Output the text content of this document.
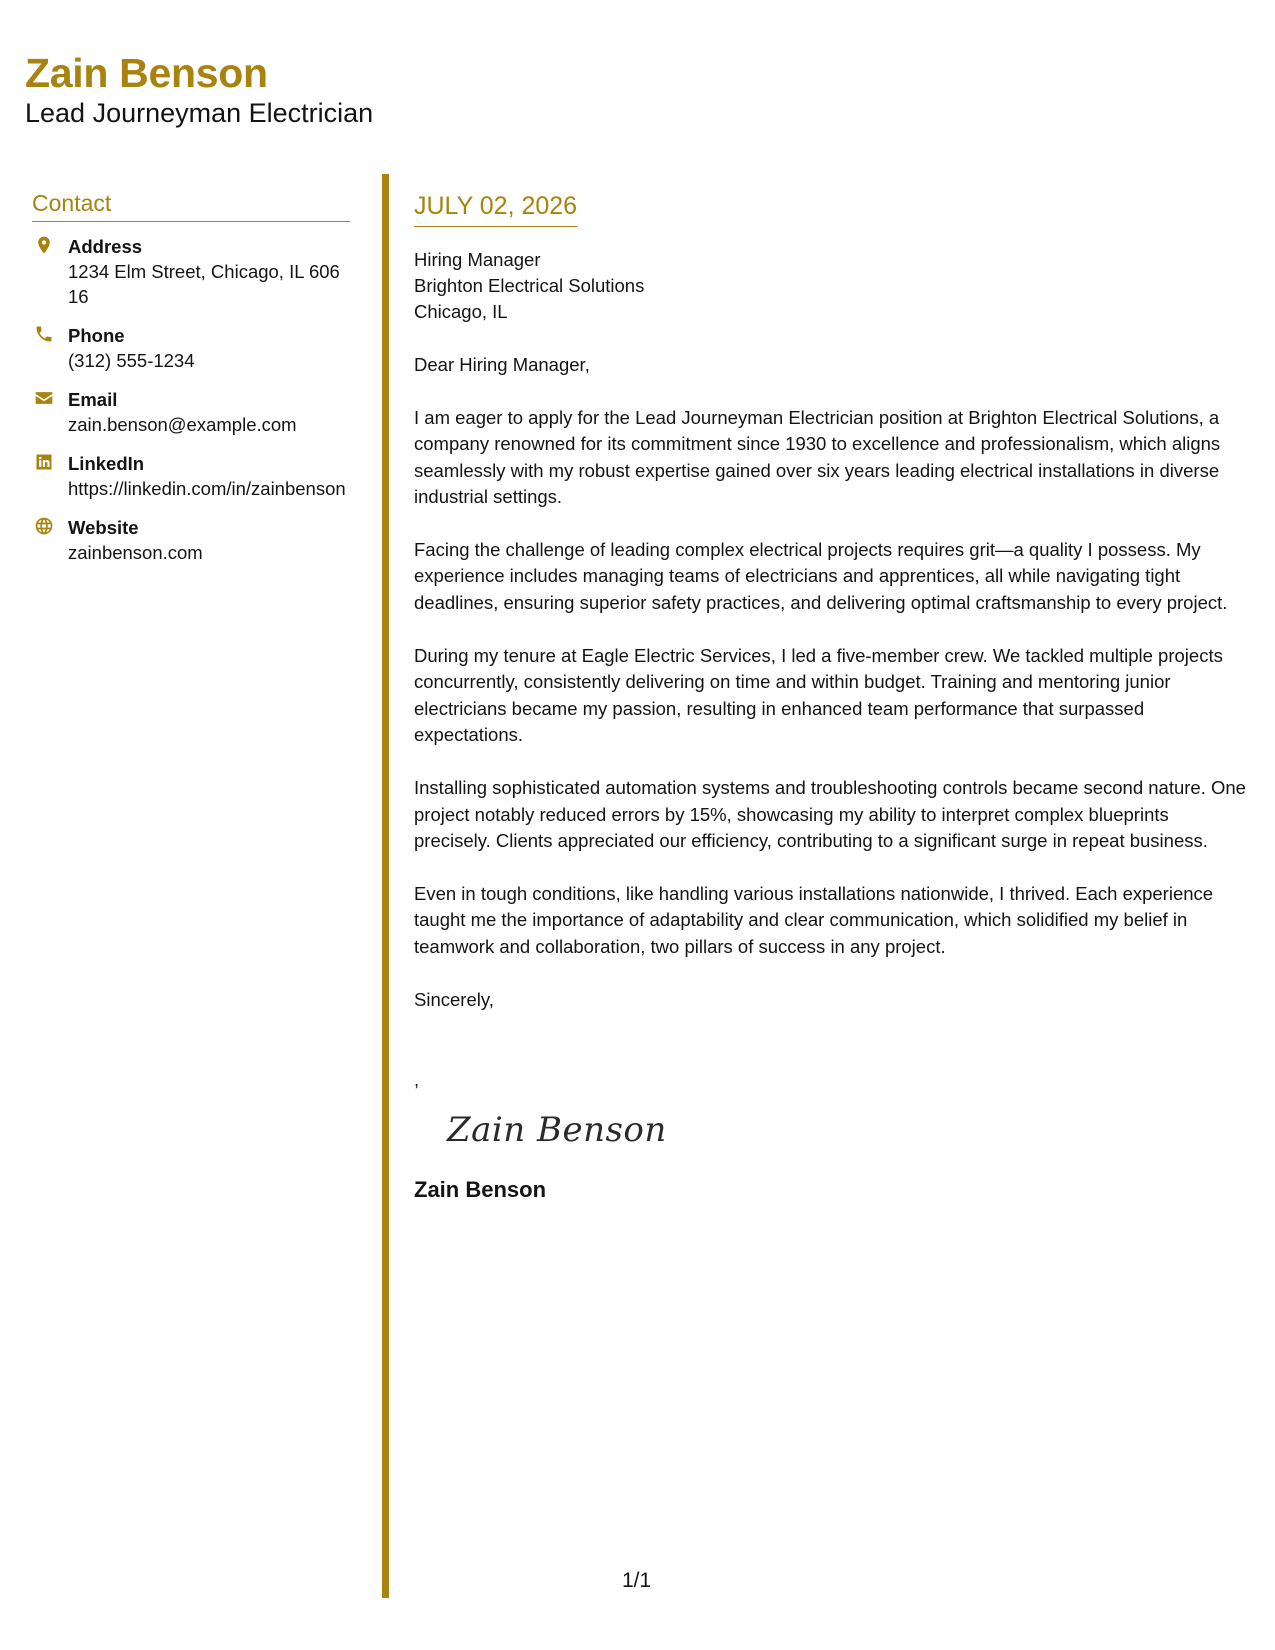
Zain Benson
Lead Journeyman Electrician
Contact
Address
1234 Elm Street, Chicago, IL 60616
Phone
(312) 555-1234
Email
zain.benson@example.com
LinkedIn
https://linkedin.com/in/zainbenson
Website
zainbenson.com
JULY 02, 2026
Hiring Manager
Brighton Electrical Solutions
Chicago, IL
Dear Hiring Manager,
I am eager to apply for the Lead Journeyman Electrician position at Brighton Electrical Solutions, a company renowned for its commitment since 1930 to excellence and professionalism, which aligns seamlessly with my robust expertise gained over six years leading electrical installations in diverse industrial settings.
Facing the challenge of leading complex electrical projects requires grit—a quality I possess. My experience includes managing teams of electricians and apprentices, all while navigating tight deadlines, ensuring superior safety practices, and delivering optimal craftsmanship to every project.
During my tenure at Eagle Electric Services, I led a five-member crew. We tackled multiple projects concurrently, consistently delivering on time and within budget. Training and mentoring junior electricians became my passion, resulting in enhanced team performance that surpassed expectations.
Installing sophisticated automation systems and troubleshooting controls became second nature. One project notably reduced errors by 15%, showcasing my ability to interpret complex blueprints precisely. Clients appreciated our efficiency, contributing to a significant surge in repeat business.
Even in tough conditions, like handling various installations nationwide, I thrived. Each experience taught me the importance of adaptability and clear communication, which solidified my belief in teamwork and collaboration, two pillars of success in any project.
Sincerely,
,
Zain Benson
Zain Benson
1/1
